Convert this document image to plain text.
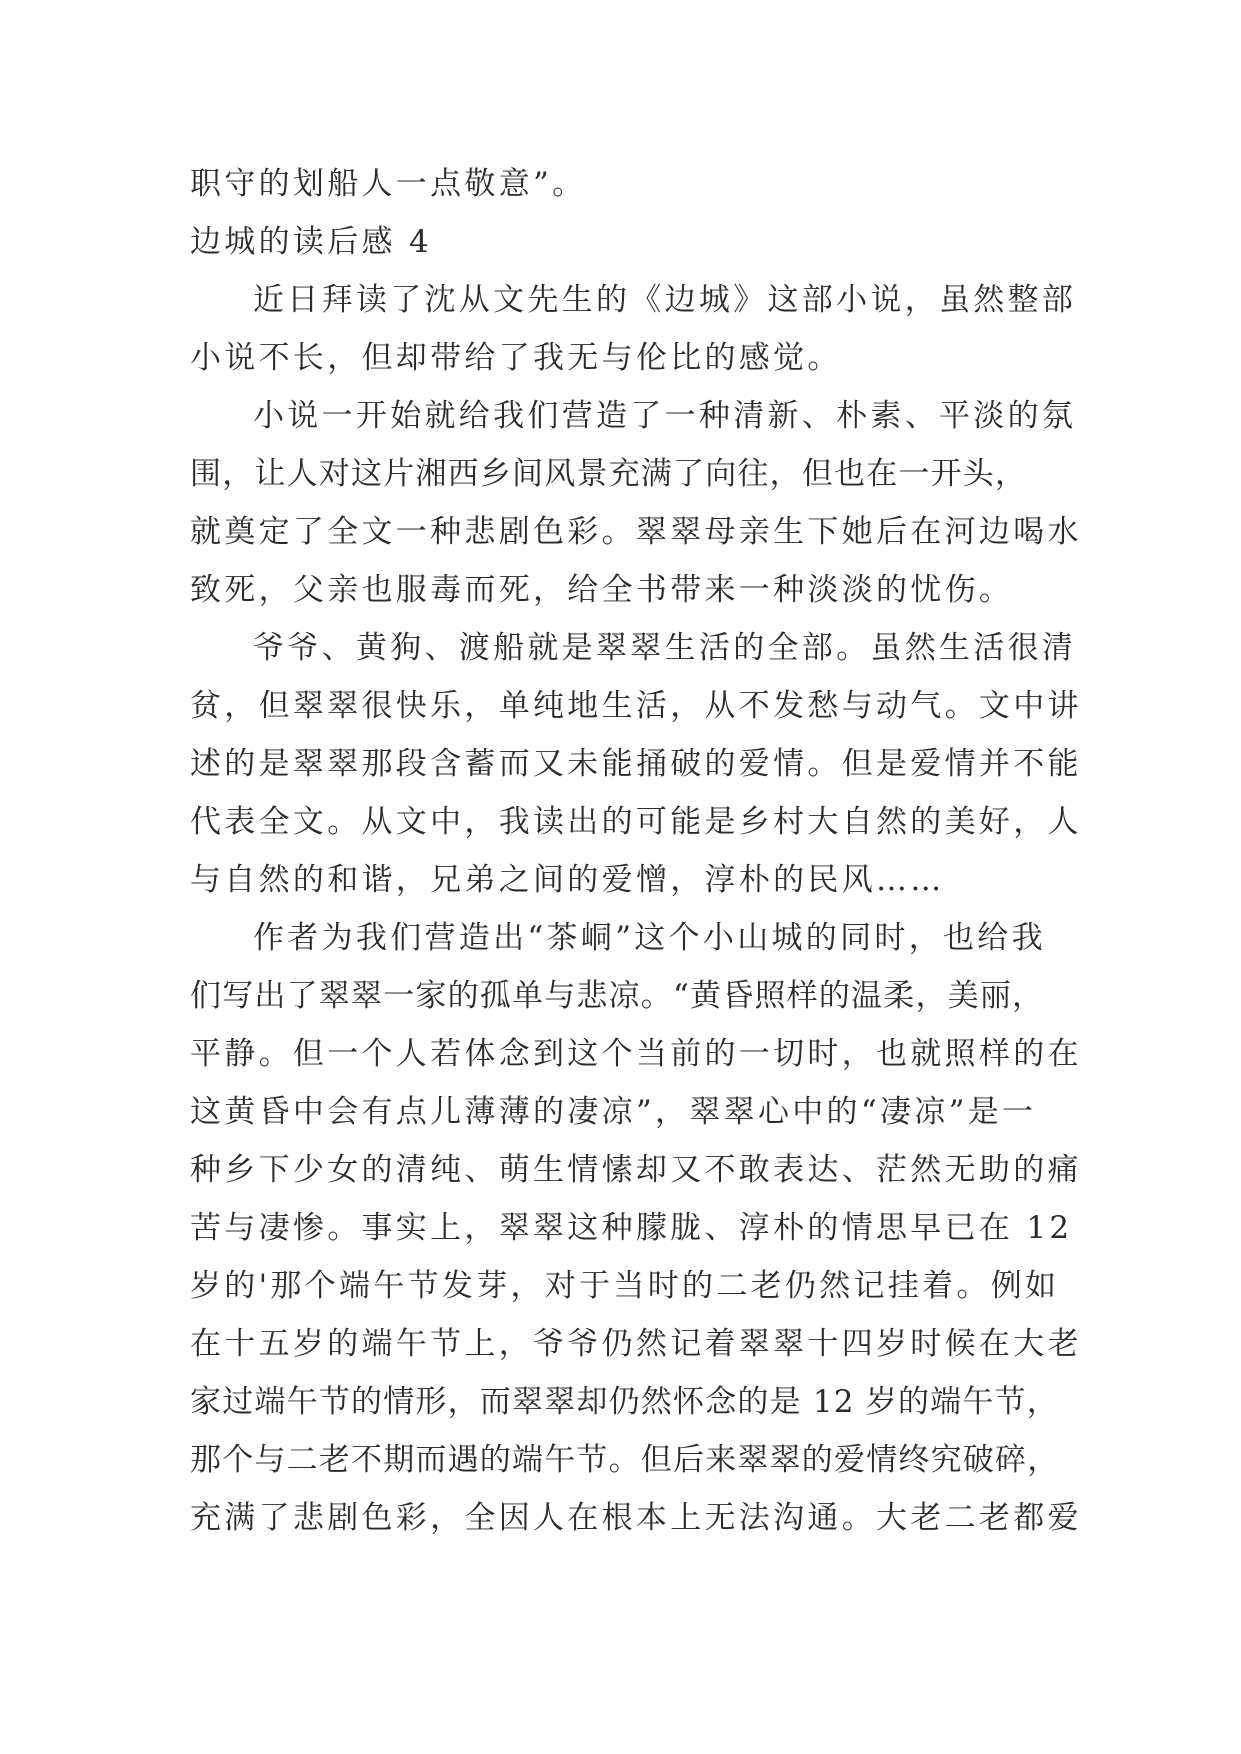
职守的划船人一点敬意”。
边城的读后感 4
近日拜读了沈从文先生的《边城》这部小说，虽然整部
小说不长，但却带给了我无与伦比的感觉。
小说一开始就给我们营造了一种清新、朴素、平淡的氛
围，让人对这片湘西乡间风景充满了向往，但也在一开头，
就奠定了全文一种悲剧色彩。翠翠母亲生下她后在河边喝水
致死，父亲也服毒而死，给全书带来一种淡淡的忧伤。
爷爷、黄狗、渡船就是翠翠生活的全部。虽然生活很清
贫，但翠翠很快乐，单纯地生活，从不发愁与动气。文中讲
述的是翠翠那段含蓄而又未能捅破的爱情。但是爱情并不能
代表全文。从文中，我读出的可能是乡村大自然的美好，人
与自然的和谐，兄弟之间的爱憎，淳朴的民风……
作者为我们营造出“茶峒”这个小山城的同时，也给我
们写出了翠翠一家的孤单与悲凉。“黄昏照样的温柔，美丽，
平静。但一个人若体念到这个当前的一切时，也就照样的在
这黄昏中会有点儿薄薄的凄凉”，翠翠心中的“凄凉”是一
种乡下少女的清纯、萌生情愫却又不敢表达、茫然无助的痛
苦与凄惨。事实上，翠翠这种朦胧、淳朴的情思早已在 12
岁的'那个端午节发芽，对于当时的二老仍然记挂着。例如
在十五岁的端午节上，爷爷仍然记着翠翠十四岁时候在大老
家过端午节的情形，而翠翠却仍然怀念的是 12 岁的端午节，
那个与二老不期而遇的端午节。但后来翠翠的爱情终究破碎，
充满了悲剧色彩，全因人在根本上无法沟通。大老二老都爱
